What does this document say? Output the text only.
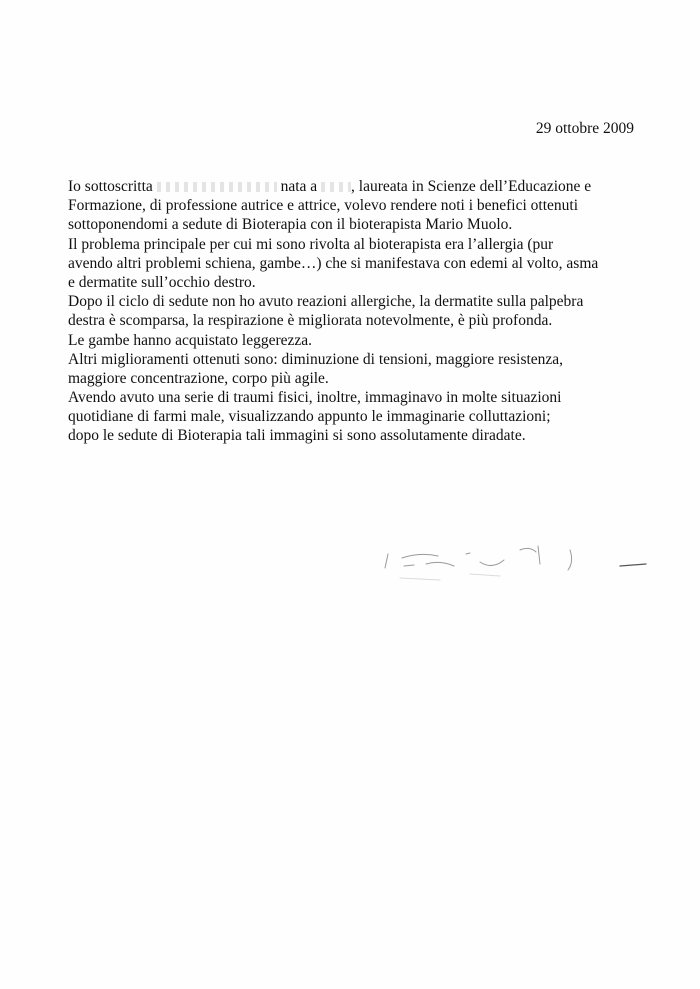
29 ottobre 2009
Io sottoscritta	nata a , laureata in Scienze dell’Educazione e
Formazione, di professione autrice e attrice, volevo rendere noti i benefici ottenuti
sottoponendomi a sedute di Bioterapia con il bioterapista Mario Muolo.
Il problema principale per cui mi sono rivolta al bioterapista era l’allergia (pur
avendo altri problemi schiena, gambe…) che si manifestava con edemi al volto, asma
e dermatite sull’occhio destro.
Dopo il ciclo di sedute non ho avuto reazioni allergiche, la dermatite sulla palpebra
destra è scomparsa, la respirazione è migliorata notevolmente, è più profonda.
Le gambe hanno acquistato leggerezza.
Altri miglioramenti ottenuti sono: diminuzione di tensioni, maggiore resistenza,
maggiore concentrazione, corpo più agile.
Avendo avuto una serie di traumi fisici, inoltre, immaginavo in molte situazioni
quotidiane di farmi male, visualizzando appunto le immaginarie colluttazioni;
dopo le sedute di Bioterapia tali immagini si sono assolutamente diradate.
